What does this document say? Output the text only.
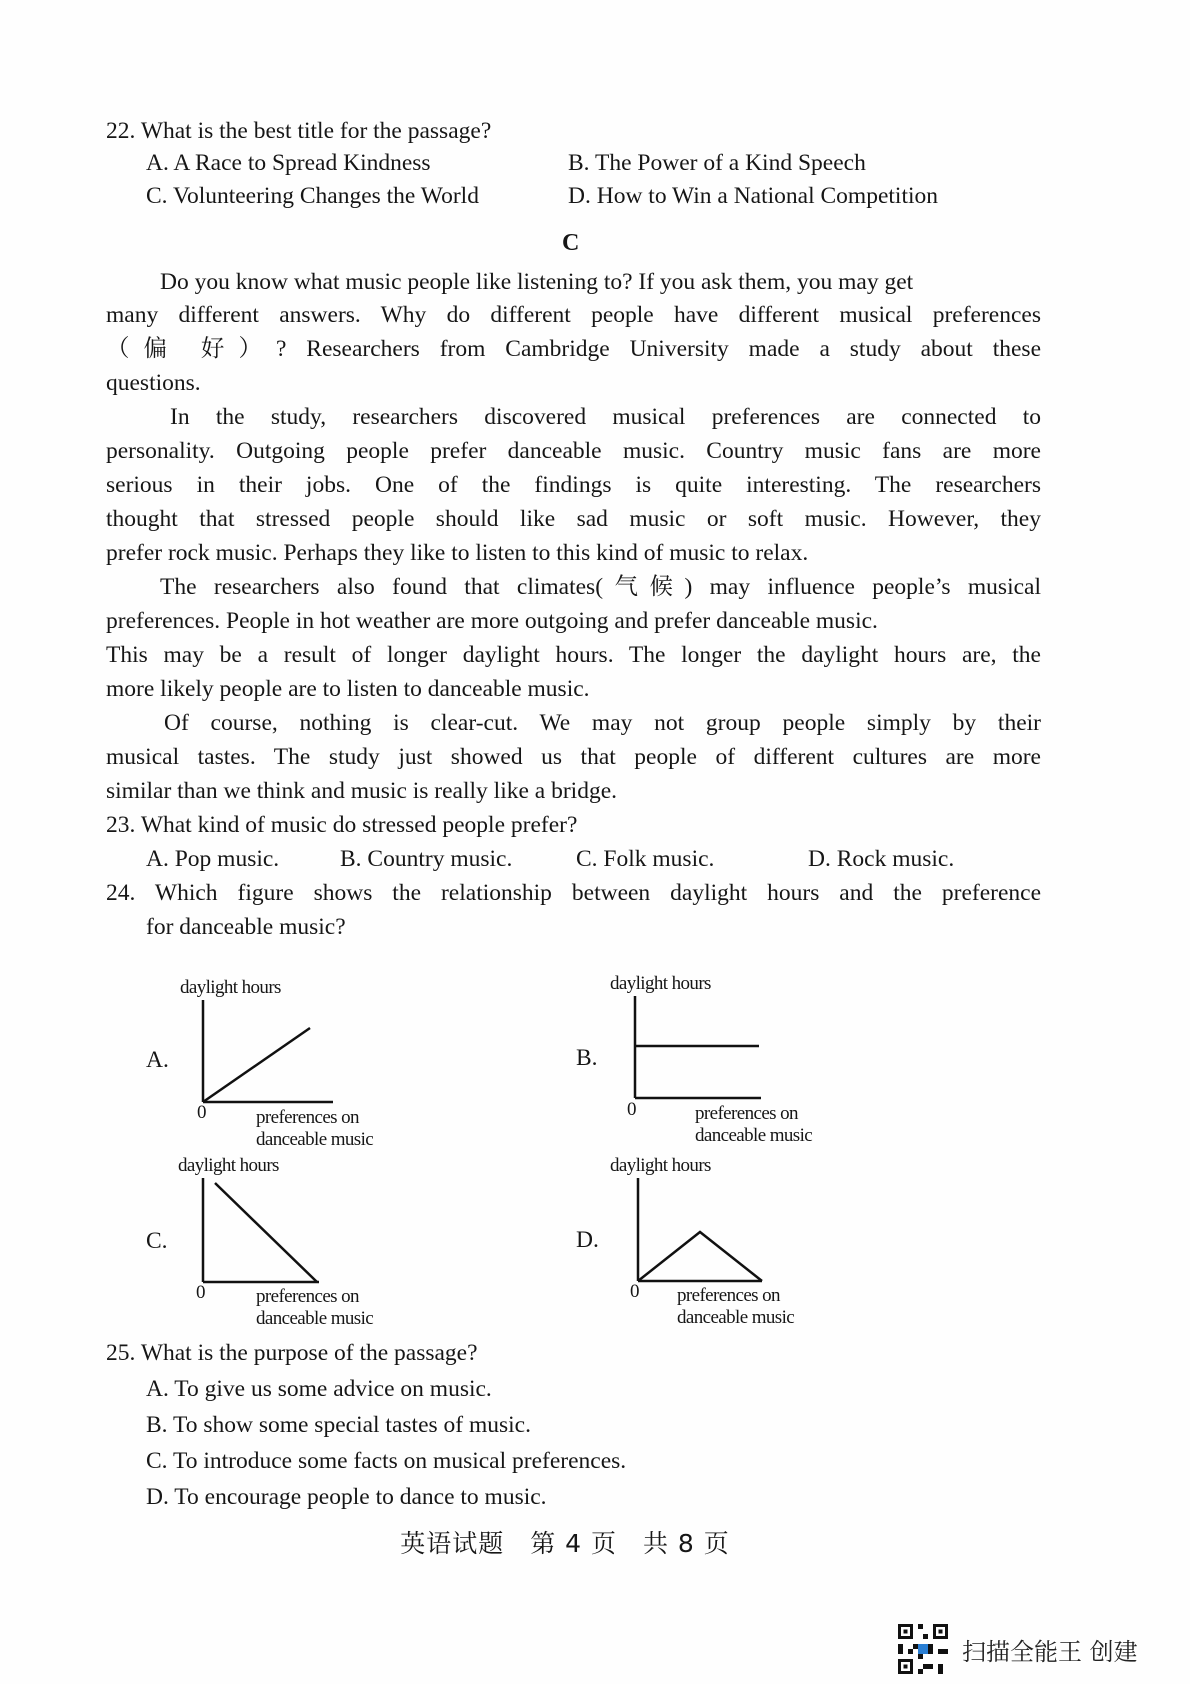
22. What is the best title for the passage?
A. A Race to Spread Kindness	B. The Power of a Kind Speech
C. Volunteering Changes the World	D. How to Win a National Competition
C
Do you know what music people like listening to? If you ask them, you may get
many different answers. Why do different people have different musical preferences
（偏 好）? Researchers from Cambridge University made a study about these
questions.
In the study, researchers discovered musical preferences are connected to
personality. Outgoing people prefer danceable music. Country music fans are more
serious in their jobs. One of the findings is quite interesting. The researchers
thought that stressed people should like sad music or soft music. However, they
prefer rock music. Perhaps they like to listen to this kind of music to relax.
The researchers also found that climates(气候) may influence people’s musical
preferences. People in hot weather are more outgoing and prefer danceable music.
This may be a result of longer daylight hours. The longer the daylight hours are, the
more likely people are to listen to danceable music.
Of course, nothing is clear-cut. We may not group people simply by their
musical tastes. The study just showed us that people of different cultures are more
similar than we think and music is really like a bridge.
23. What kind of music do stressed people prefer?
A. Pop music.	B. Country music.	C. Folk music.	D. Rock music.
24. Which figure shows the relationship between daylight hours and the preference
for danceable music?
daylight hours
A.
0	preferences on
danceable music
daylight hours
B.
0	preferences on
danceable music
daylight hours
C.
0	preferences on
danceable music
daylight hours
D.
0 preferences on
danceable music
25. What is the purpose of the passage?
A. To give us some advice on music.
B. To show some special tastes of music.
C. To introduce some facts on musical preferences.
D. To encourage people to dance to music.
英语试题　第 4 页　共 8 页
扫描全能王 创建
